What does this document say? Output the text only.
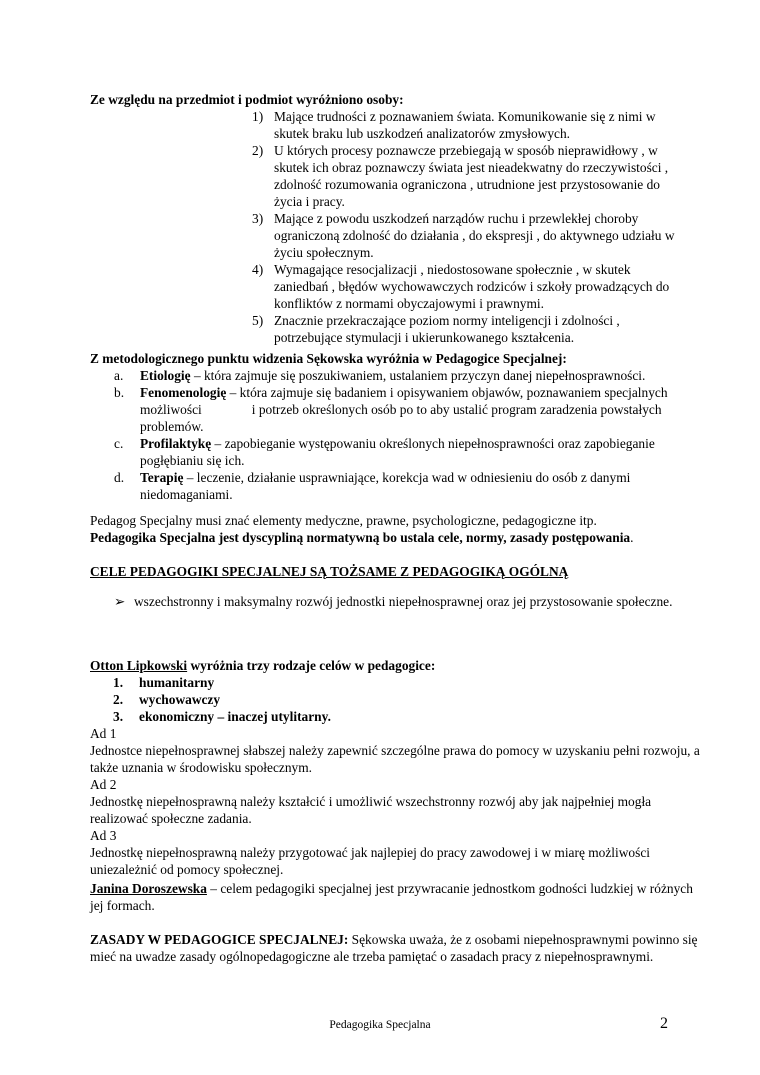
Ze względu na przedmiot i podmiot wyróżniono osoby:

1) Mające trudności z poznawaniem świata. Komunikowanie się z nimi w skutek braku lub uszkodzeń analizatorów zmysłowych.
2) U których procesy poznawcze przebiegają w sposób nieprawidłowy , w skutek ich obraz poznawczy świata jest nieadekwatny do rzeczywistości , zdolność rozumowania ograniczona , utrudnione jest przystosowanie do życia i pracy.
3) Mające z powodu uszkodzeń narządów ruchu i przewlekłej choroby ograniczoną zdolność do działania , do ekspresji , do aktywnego udziału w życiu społecznym.
4) Wymagające resocjalizacji , niedostosowane społecznie , w skutek zaniedbań , błędów wychowawczych rodziców i szkoły prowadzących do konfliktów z normami obyczajowymi i prawnymi.
5) Znacznie przekraczające poziom normy inteligencji i zdolności , potrzebujące stymulacji i ukierunkowanego kształcenia.

Z metodologicznego punktu widzenia Sękowska wyróżnia w Pedagogice Specjalnej:

a. Etiologię – która zajmuje się poszukiwaniem, ustalaniem przyczyn danej niepełnosprawności.
b. Fenomenologię – która zajmuje się badaniem i opisywaniem objawów, poznawaniem specjalnych możliwości	i potrzeb określonych osób po to aby ustalić program zaradzenia powstałych problemów.
c. Profilaktykę – zapobieganie występowaniu określonych niepełnosprawności oraz zapobieganie pogłębianiu się ich.
d. Terapię – leczenie, działanie usprawniające, korekcja wad w odniesieniu do osób z danymi niedomaganiami.

Pedagog Specjalny musi znać elementy medyczne, prawne, psychologiczne, pedagogiczne itp.

Pedagogika Specjalna jest dyscypliną normatywną bo ustala cele, normy, zasady postępowania.

CELE PEDAGOGIKI SPECJALNEJ SĄ TOŻSAME Z PEDAGOGIKĄ OGÓLNĄ

➢ wszechstronny i maksymalny rozwój jednostki niepełnosprawnej oraz jej przystosowanie społeczne.

Otton Lipkowski wyróżnia trzy rodzaje celów w pedagogice:

1. humanitarny
2. wychowawczy
3. ekonomiczny – inaczej utylitarny.

Ad 1

Jednostce niepełnosprawnej słabszej należy zapewnić szczególne prawa do pomocy w uzyskaniu pełni rozwoju, a także uznania w środowisku społecznym.

Ad 2

Jednostkę niepełnosprawną należy kształcić i umożliwić wszechstronny rozwój aby jak najpełniej mogła realizować społeczne zadania.

Ad 3

Jednostkę niepełnosprawną należy przygotować jak najlepiej do pracy zawodowej i w miarę możliwości uniezależnić od pomocy społecznej.

Janina Doroszewska – celem pedagogiki specjalnej jest przywracanie jednostkom godności ludzkiej w różnych jej formach.

ZASADY W PEDAGOGICE SPECJALNEJ: Sękowska uważa, że z osobami niepełnosprawnymi powinno się mieć na uwadze zasady ogólnopedagogiczne ale trzeba pamiętać o zasadach pracy z niepełnosprawnymi.

Pedagogika Specjalna	2
